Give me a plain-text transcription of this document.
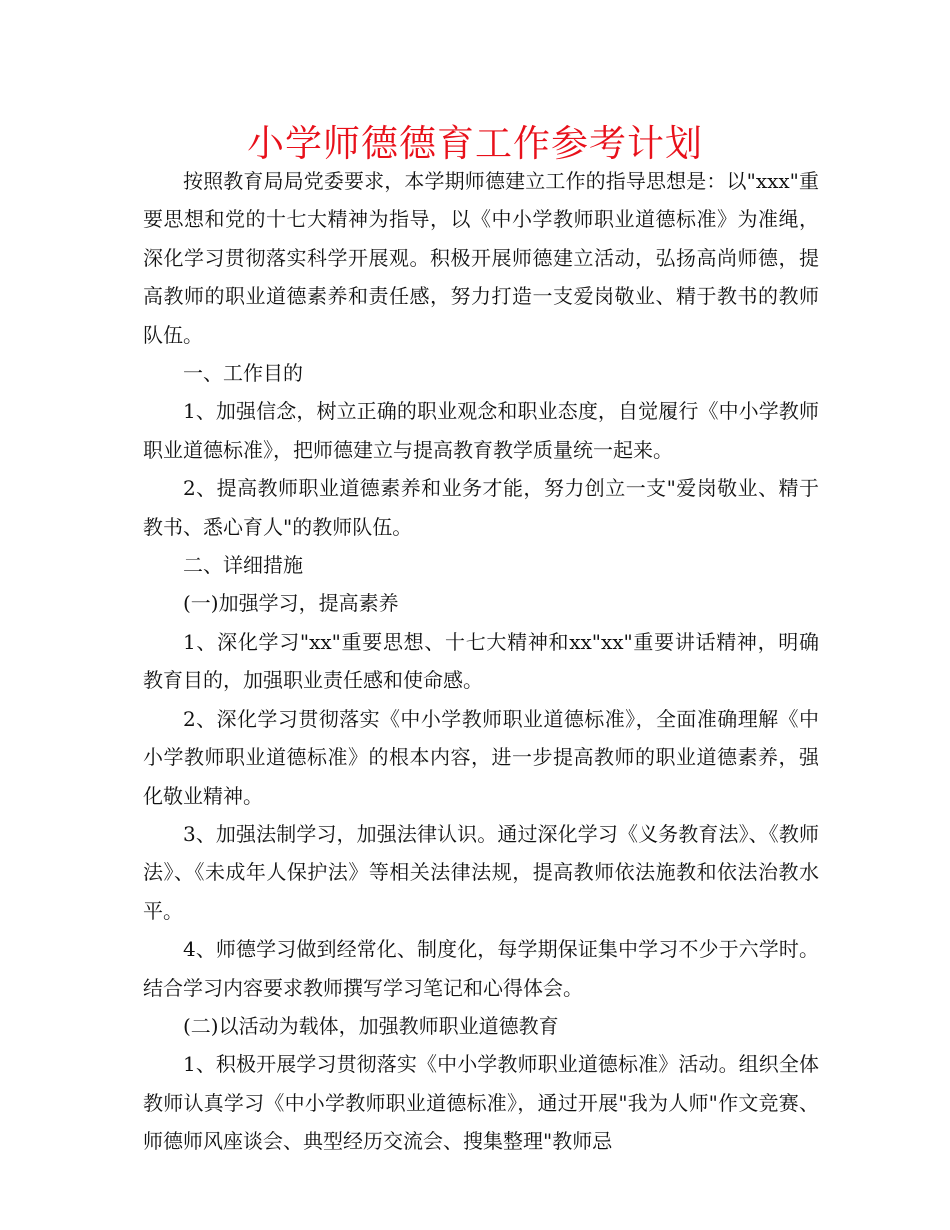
小学师德德育工作参考计划

按照教育局局党委要求，本学期师德建立工作的指导思想是：以"xxx"重要思想和党的十七大精神为指导，以《中小学教师职业道德标准》为准绳，深化学习贯彻落实科学开展观。积极开展师德建立活动，弘扬高尚师德，提高教师的职业道德素养和责任感，努力打造一支爱岗敬业、精于教书的教师队伍。

一、工作目的

1、加强信念，树立正确的职业观念和职业态度，自觉履行《中小学教师职业道德标准》，把师德建立与提高教育教学质量统一起来。

2、提高教师职业道德素养和业务才能，努力创立一支"爱岗敬业、精于教书、悉心育人"的教师队伍。

二、详细措施

(一)加强学习，提高素养

1、深化学习"xx"重要思想、十七大精神和xx"xx"重要讲话精神，明确教育目的，加强职业责任感和使命感。

2、深化学习贯彻落实《中小学教师职业道德标准》，全面准确理解《中小学教师职业道德标准》的根本内容，进一步提高教师的职业道德素养，强化敬业精神。

3、加强法制学习，加强法律认识。通过深化学习《义务教育法》、《教师法》、《未成年人保护法》等相关法律法规，提高教师依法施教和依法治教水平。

4、师德学习做到经常化、制度化，每学期保证集中学习不少于六学时。结合学习内容要求教师撰写学习笔记和心得体会。

(二)以活动为载体，加强教师职业道德教育

1、积极开展学习贯彻落实《中小学教师职业道德标准》活动。组织全体教师认真学习《中小学教师职业道德标准》，通过开展"我为人师"作文竞赛、师德师风座谈会、典型经历交流会、搜集整理"教师忌
